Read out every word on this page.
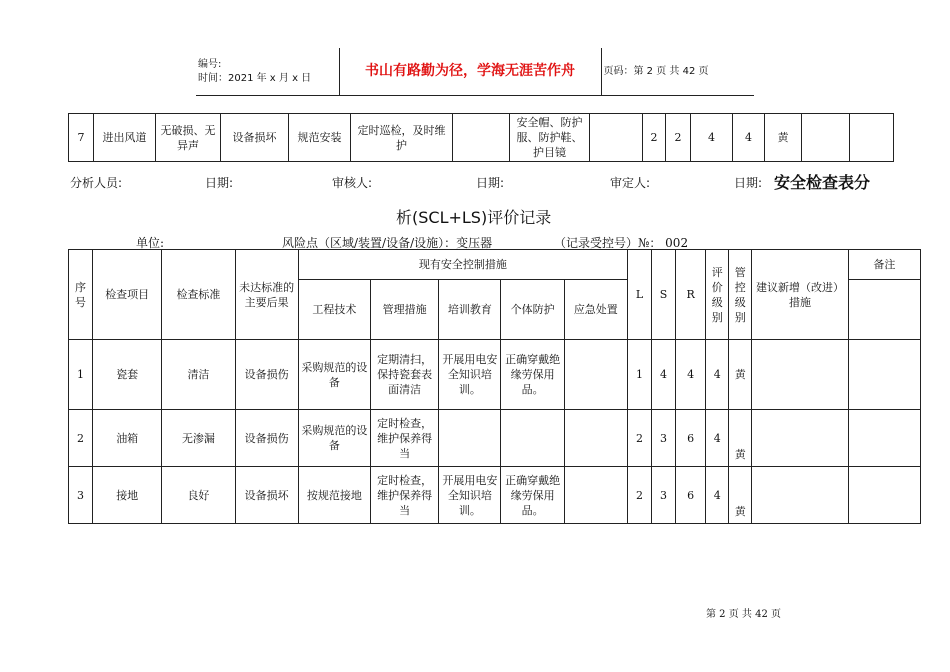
编号:
时间：2021 年 x 月 x 日	书山有路勤为径，学海无涯苦作舟	页码：第 2 页 共 42 页
7	进出风道	无破损、无异声	设备损坏	规范安装	定时巡检，及时维护		安全帽、防护服、防护鞋、护目镜		2	2	4	4	黄		
分析人员:	日期:	审核人:	日期:	审定人:	日期: 安全检查表分
析(SCL+LS)评价记录
单位:	风险点（区域/装置/设备/设施）：变压器	（记录受控号）№： 002
序号	检查项目	检查标准	未达标准的主要后果	现有安全控制措施					L	S	R	评价级别	管控级别	建议新增（改进）措施	备注
				工程技术	管理措施	培训教育	个体防护	应急处置							
1	瓷套	清洁	设备损伤	采购规范的设备	定期清扫，保持瓷套表面清洁	开展用电安全知识培训。	正确穿戴绝缘劳保用品。		1	4	4	4	黄		
2	油箱	无渗漏	设备损伤	采购规范的设备	定时检查，维护保养得当				2	3	6	4	黄		
3	接地	良好	设备损坏	按规范接地	定时检查，维护保养得当	开展用电安全知识培训。	正确穿戴绝缘劳保用品。		2	3	6	4	黄		
第 2 页 共 42 页
